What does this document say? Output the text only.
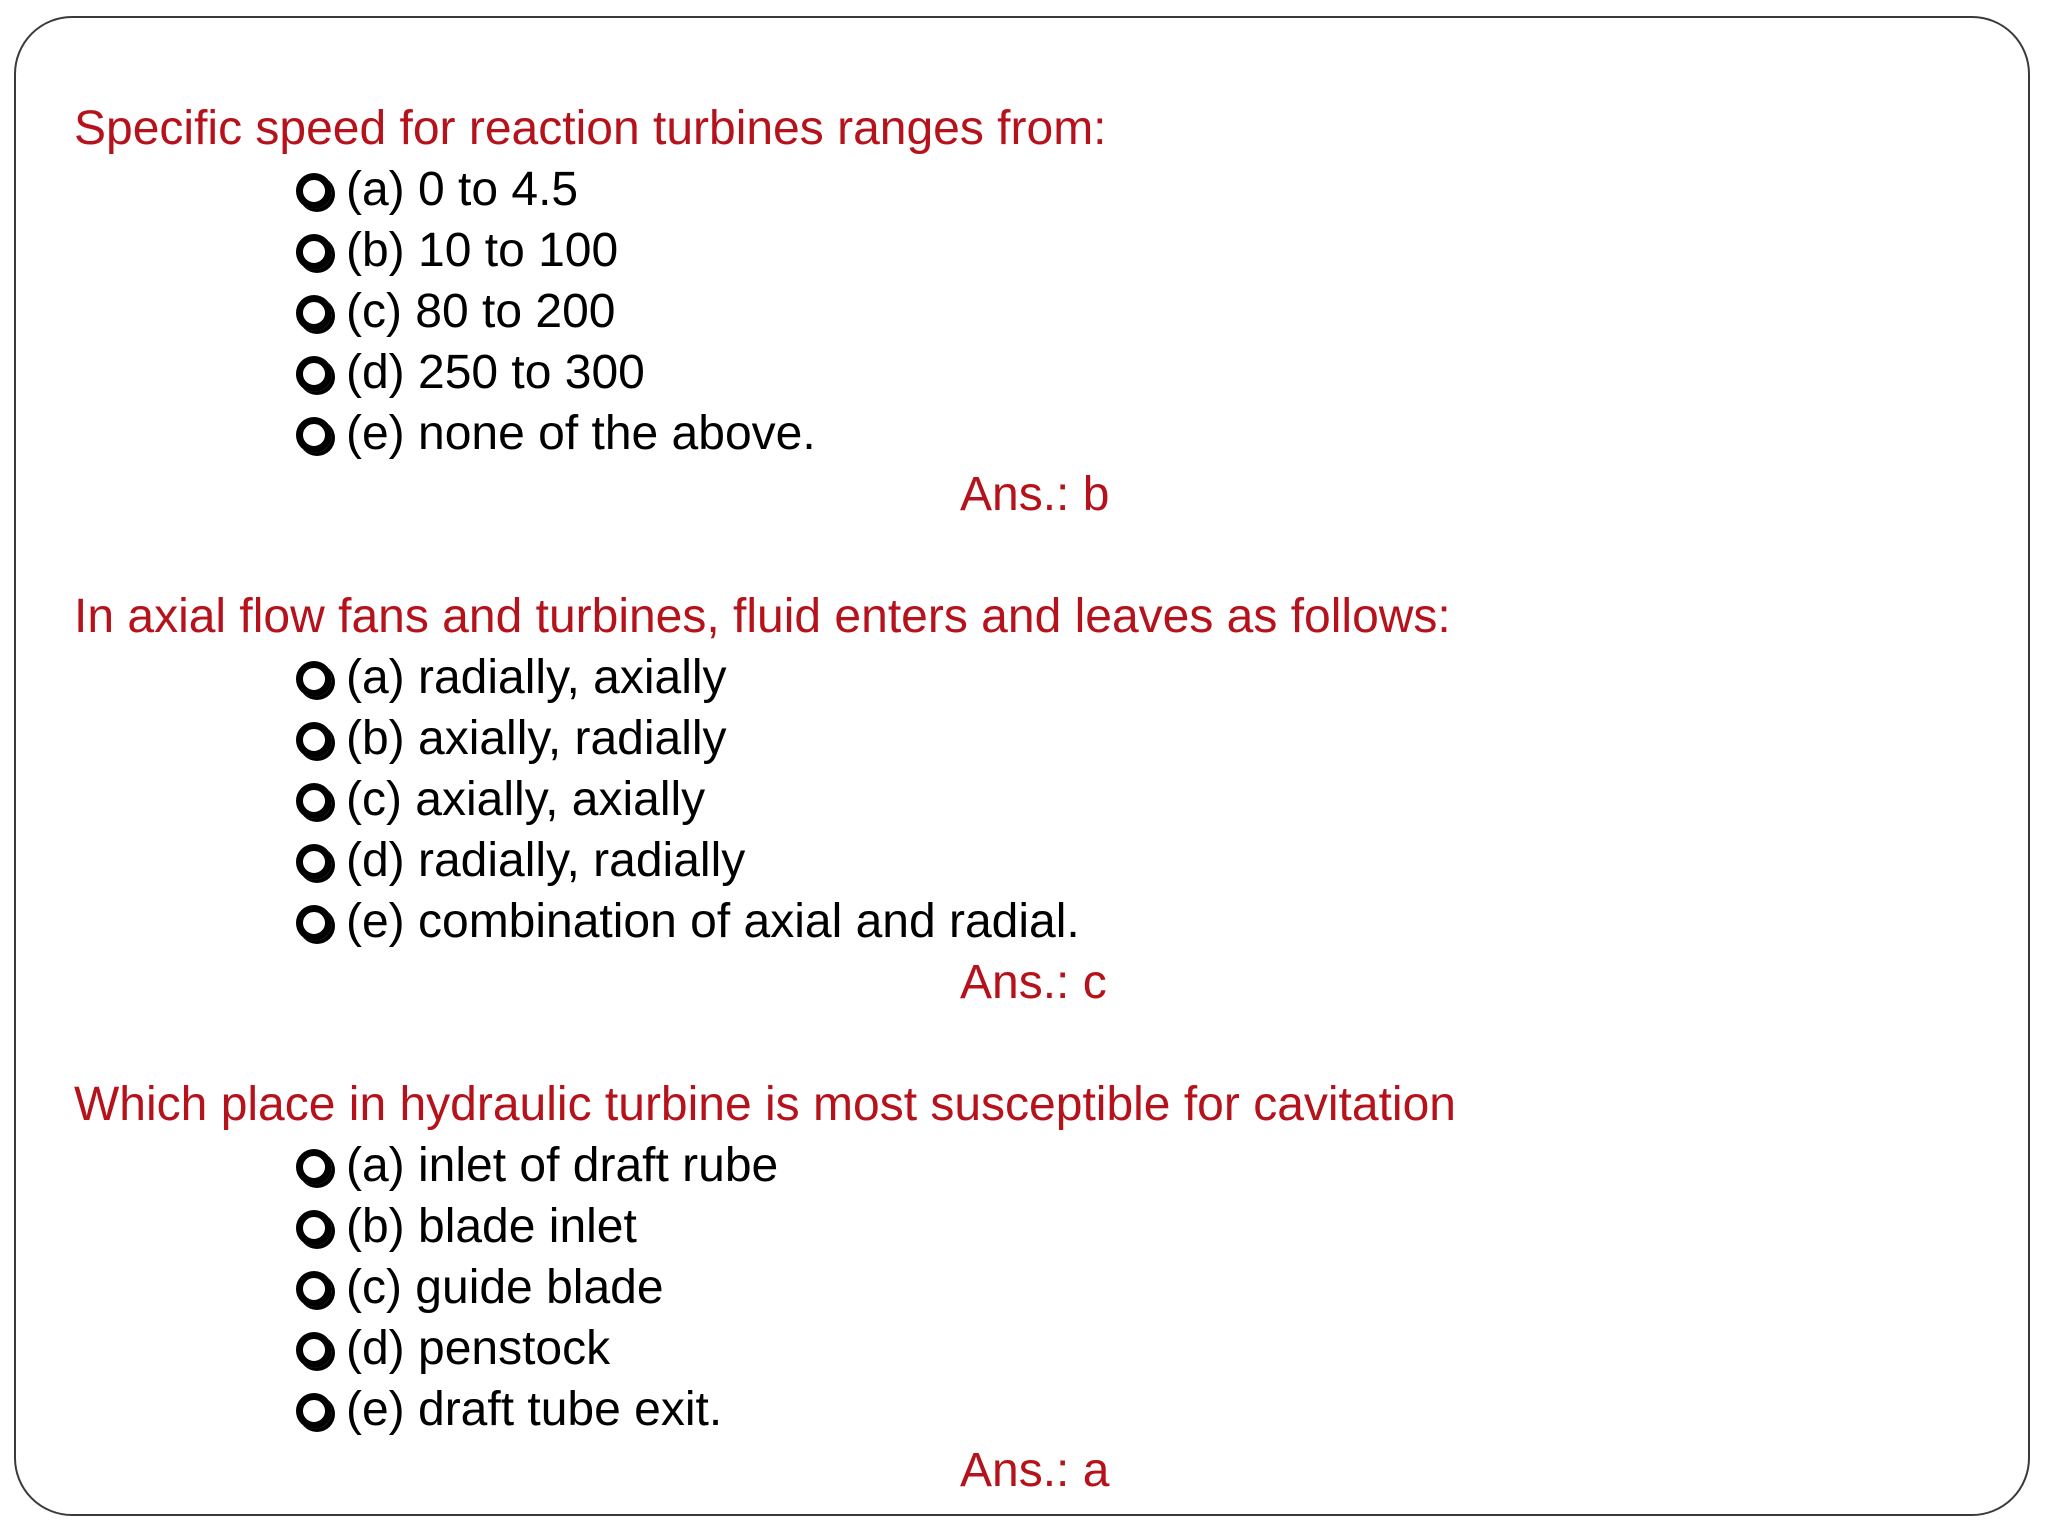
Specific speed for reaction turbines ranges from:
(a) 0 to 4.5
(b) 10 to 100
(c) 80 to 200
(d) 250 to 300
(e) none of the above.
Ans.: b
In axial flow fans and turbines, fluid enters and leaves as follows:
(a) radially, axially
(b) axially, radially
(c) axially, axially
(d) radially, radially
(e) combination of axial and radial.
Ans.: c
Which place in hydraulic turbine is most susceptible for cavitation
(a) inlet of draft rube
(b) blade inlet
(c) guide blade
(d) penstock
(e) draft tube exit.
Ans.: a
